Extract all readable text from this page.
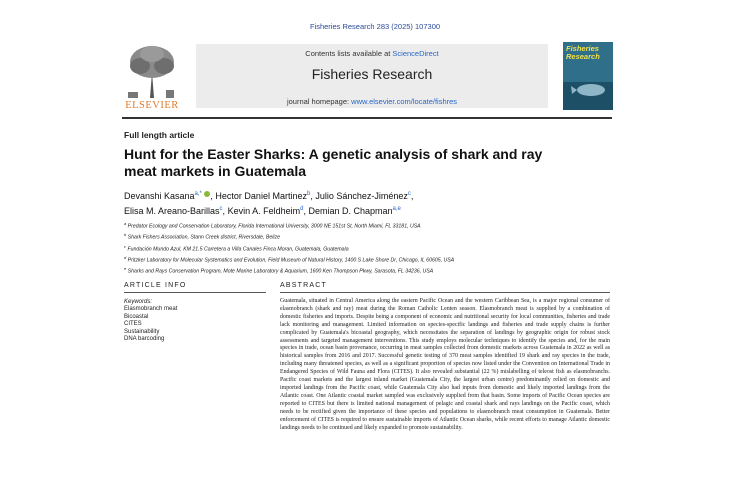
Fisheries Research 283 (2025) 107300
ELSEVIER
Contents lists available at ScienceDirect
Fisheries Research
journal homepage: www.elsevier.com/locate/fishres
Fisheries Research
Full length article
Hunt for the Easter Sharks: A genetic analysis of shark and ray meat markets in Guatemala
Devanshi Kasana$^{a,*}$ , Hector Daniel Martinez$^b$, Julio Sánchez-Jiménez$^c$,
Elisa M. Areano-Barillas$^c$, Kevin A. Feldheim$^d$, Demian D. Chapman$^{a,e}$
$^a$ Predator Ecology and Conservation Laboratory, Florida International University, 3000 NE 151st St, North Miami, FL 33181, USA
$^b$ Shark Fishers Association, Stann Creek district, Riversdale, Belize
$^c$ Fundación Mundo Azul, KM 21.5 Carretera a Villa Canales Finca Moran, Guatemala, Guatemala
$^d$ Pritzker Laboratory for Molecular Systematics and Evolution, Field Museum of Natural History, 1400 S Lake Shore Dr, Chicago, IL 60605, USA
$^e$ Sharks and Rays Conservation Program, Mote Marine Laboratory & Aquarium, 1600 Ken Thompson Pkwy, Sarasota, FL 34236, USA
ARTICLE INFO
Keywords:
Elasmobranch meat
Bicoastal
CITES
Sustainability
DNA barcoding
ABSTRACT
Guatemala, situated in Central America along the eastern Pacific Ocean and the western Caribbean Sea, is a major regional consumer of elasmobranch (shark and ray) meat during the Roman Catholic Lenten season. Elasmobranch meat is supplied by a combination of domestic fisheries and imports. Despite being a component of economic and nutritional security for local communities, fisheries and trade lack monitoring and management. Limited information on species-specific landings and fisheries and trade supply chains is further complicated by Guatemala's bicoastal geography, which necessitates the separation of landings by geographic origin for robust stock assessments and targeted management interventions. This study employs molecular techniques to identify the species and, for the main species in trade, ocean basin provenance, occurring in meat samples collected from domestic markets across Guatemala in 2022 as well as historical samples from 2016 and 2017. Successful genetic testing of 370 meat samples identified 19 shark and ray species in the trade, including many threatened species, as well as a significant proportion of species now listed under the Convention on International Trade in Endangered Species of Wild Fauna and Flora (CITES). It also revealed substantial (22 %) mislabelling of teleost fish as elasmobranchs. Pacific coast markets and the largest inland market (Guatemala City, the largest urban centre) predominantly relied on domestic and imported landings from the Pacific coast, while Guatemala City also had inputs from domestic and likely imported landings from the Atlantic coast. One Atlantic coastal market sampled was exclusively supplied from that basin. Some imports of Pacific Ocean species are reported to CITES but there is limited national management of pelagic and coastal shark and rays landings on the Pacific coast, which needs to be rectified given the importance of these species and populations to elasmobranch meat consumption in Guatemala. Better enforcement of CITES is required to ensure sustainable imports of Atlantic Ocean sharks, while recent efforts to manage Atlantic domestic landings needs to be continued and likely expanded to promote sustainability.
